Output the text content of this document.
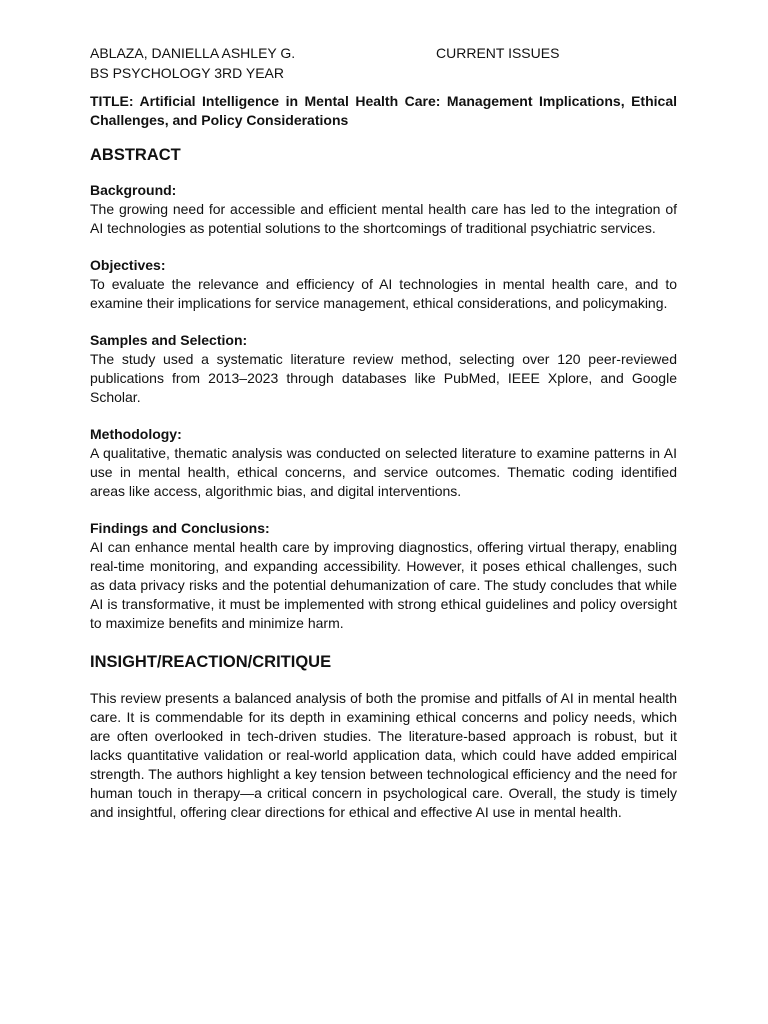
ABLAZA, DANIELLA ASHLEY G.	CURRENT ISSUES
BS PSYCHOLOGY 3RD YEAR
TITLE: Artificial Intelligence in Mental Health Care: Management Implications, Ethical Challenges, and Policy Considerations
ABSTRACT
Background:

The growing need for accessible and efficient mental health care has led to the integration of AI technologies as potential solutions to the shortcomings of traditional psychiatric services.

Objectives:

To evaluate the relevance and efficiency of AI technologies in mental health care, and to examine their implications for service management, ethical considerations, and policymaking.

Samples and Selection:

The study used a systematic literature review method, selecting over 120 peer-reviewed publications from 2013–2023 through databases like PubMed, IEEE Xplore, and Google Scholar.

Methodology:

A qualitative, thematic analysis was conducted on selected literature to examine patterns in AI use in mental health, ethical concerns, and service outcomes. Thematic coding identified areas like access, algorithmic bias, and digital interventions.

Findings and Conclusions:

AI can enhance mental health care by improving diagnostics, offering virtual therapy, enabling real-time monitoring, and expanding accessibility. However, it poses ethical challenges, such as data privacy risks and the potential dehumanization of care. The study concludes that while AI is transformative, it must be implemented with strong ethical guidelines and policy oversight to maximize benefits and minimize harm.

INSIGHT/REACTION/CRITIQUE

This review presents a balanced analysis of both the promise and pitfalls of AI in mental health care. It is commendable for its depth in examining ethical concerns and policy needs, which are often overlooked in tech-driven studies. The literature-based approach is robust, but it lacks quantitative validation or real-world application data, which could have added empirical strength. The authors highlight a key tension between technological efficiency and the need for human touch in therapy—a critical concern in psychological care. Overall, the study is timely and insightful, offering clear directions for ethical and effective AI use in mental health.
